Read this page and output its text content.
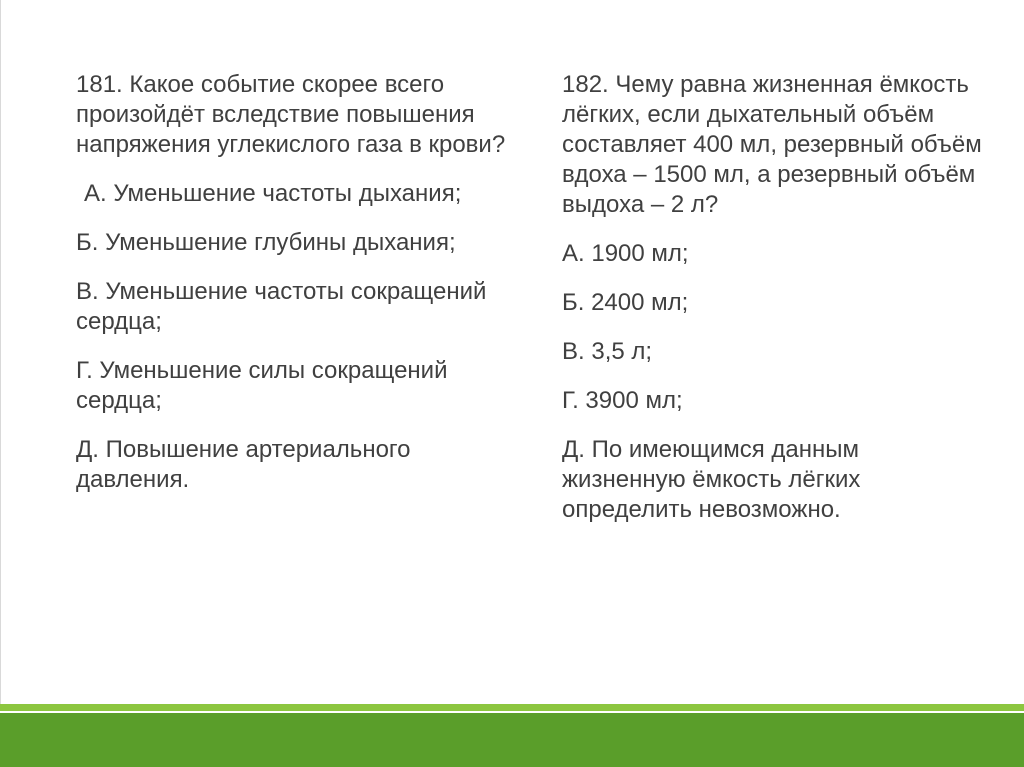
181. Какое событие скорее всего произойдёт вследствие повышения напряжения углекислого газа в крови?

А. Уменьшение частоты дыхания;

Б. Уменьшение глубины дыхания;

В. Уменьшение частоты сокращений сердца;

Г. Уменьшение силы сокращений сердца;

Д. Повышение артериального давления.

182. Чему равна жизненная ёмкость лёгких, если дыхательный объём составляет 400 мл, резервный объём вдоха – 1500 мл, а резервный объём выдоха – 2 л?

А. 1900 мл;

Б. 2400 мл;

В. 3,5 л;

Г. 3900 мл;

Д. По имеющимся данным жизненную ёмкость лёгких определить невозможно.
